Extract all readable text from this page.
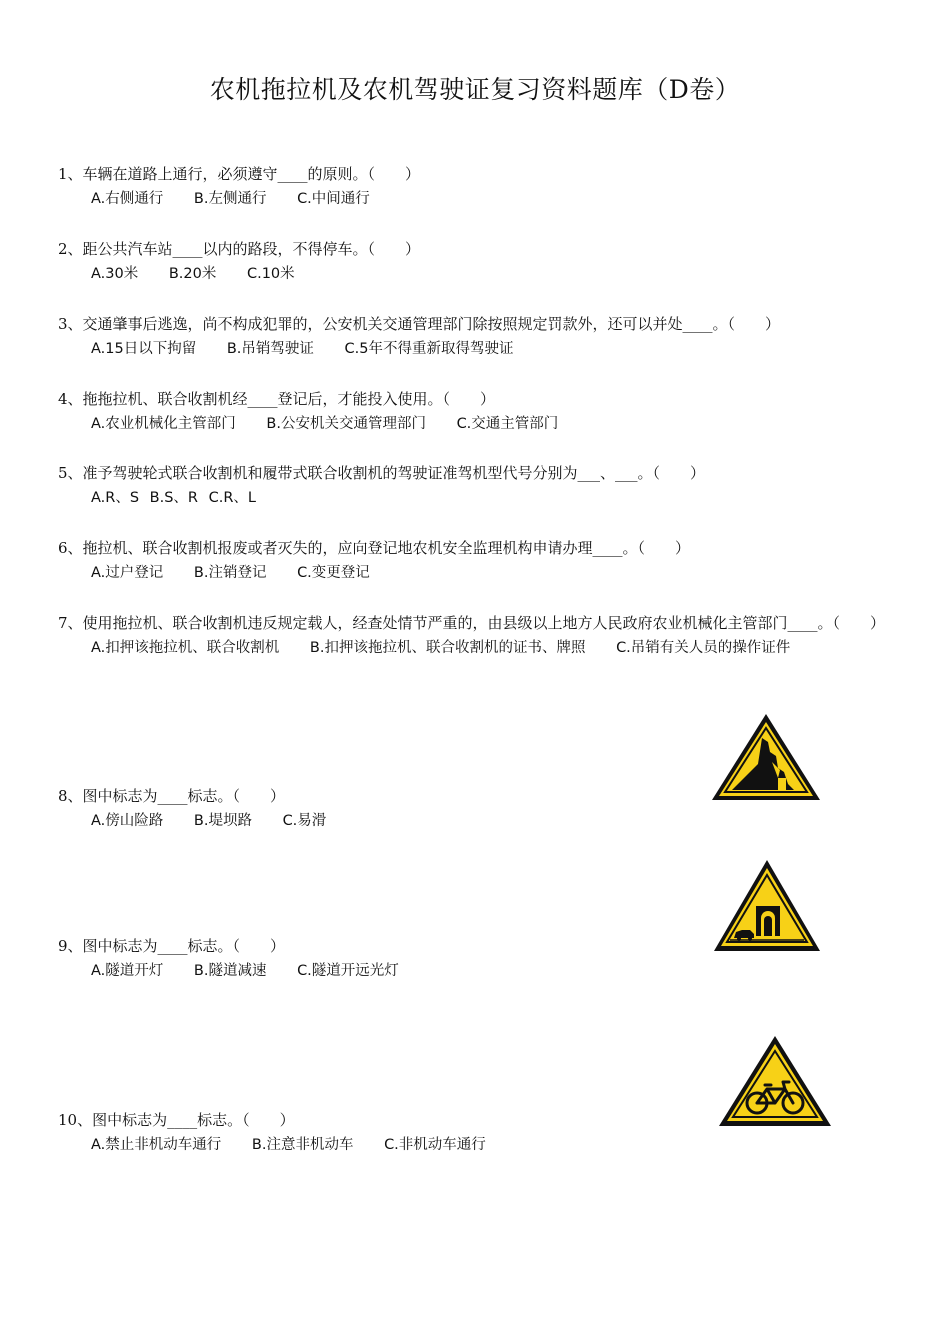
农机拖拉机及农机驾驶证复习资料题库（D卷）
1、车辆在道路上通行，必须遵守____的原则。（　　）
A.右侧通行 B.左侧通行 C.中间通行
2、距公共汽车站____以内的路段，不得停车。（　　）
A.30米 B.20米 C.10米
3、交通肇事后逃逸，尚不构成犯罪的，公安机关交通管理部门除按照规定罚款外，还可以并处____。（　　）
A.15日以下拘留 B.吊销驾驶证 C.5年不得重新取得驾驶证
4、拖拖拉机、联合收割机经____登记后，才能投入使用。（　　）
A.农业机械化主管部门 B.公安机关交通管理部门 C.交通主管部门
5、准予驾驶轮式联合收割机和履带式联合收割机的驾驶证准驾机型代号分别为___、___。（　　）
A.R、S B.S、R C.R、L
6、拖拉机、联合收割机报废或者灭失的，应向登记地农机安全监理机构申请办理____。（　　）
A.过户登记 B.注销登记 C.变更登记
7、使用拖拉机、联合收割机违反规定载人，经查处情节严重的，由县级以上地方人民政府农业机械化主管部门____。（　　）
A.扣押该拖拉机、联合收割机 B.扣押该拖拉机、联合收割机的证书、牌照 C.吊销有关人员的操作证件
8、图中标志为____标志。（　　）
A.傍山险路 B.堤坝路 C.易滑
9、图中标志为____标志。（　　）
A.隧道开灯 B.隧道减速 C.隧道开远光灯
10、图中标志为____标志。（　　）
A.禁止非机动车通行 B.注意非机动车 C.非机动车通行
